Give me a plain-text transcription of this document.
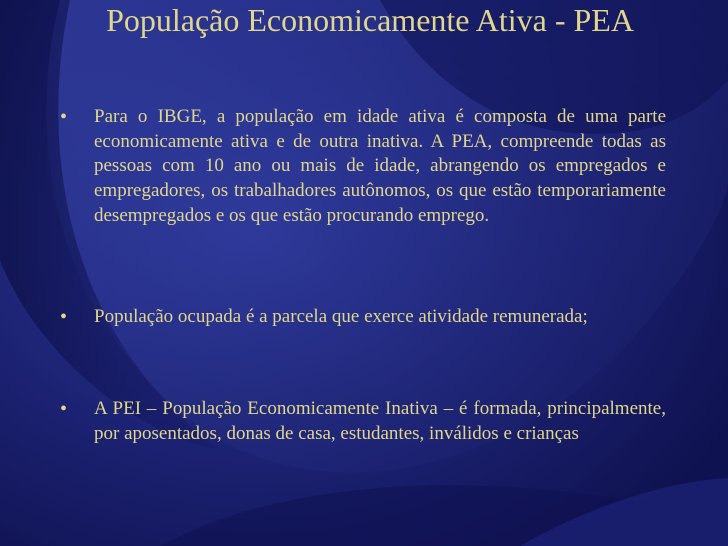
População Economicamente Ativa - PEA
•	Para o IBGE, a população em idade ativa é composta de uma parte economicamente ativa e de outra inativa. A PEA, compreende todas as pessoas com 10 ano ou mais de idade, abrangendo os empregados e empregadores, os trabalhadores autônomos, os que estão temporariamente desempregados e os que estão procurando emprego.
•	População ocupada é a parcela que exerce atividade remunerada;
•	A PEI – População Economicamente Inativa – é formada, principalmente, por aposentados, donas de casa, estudantes, inválidos e crianças
